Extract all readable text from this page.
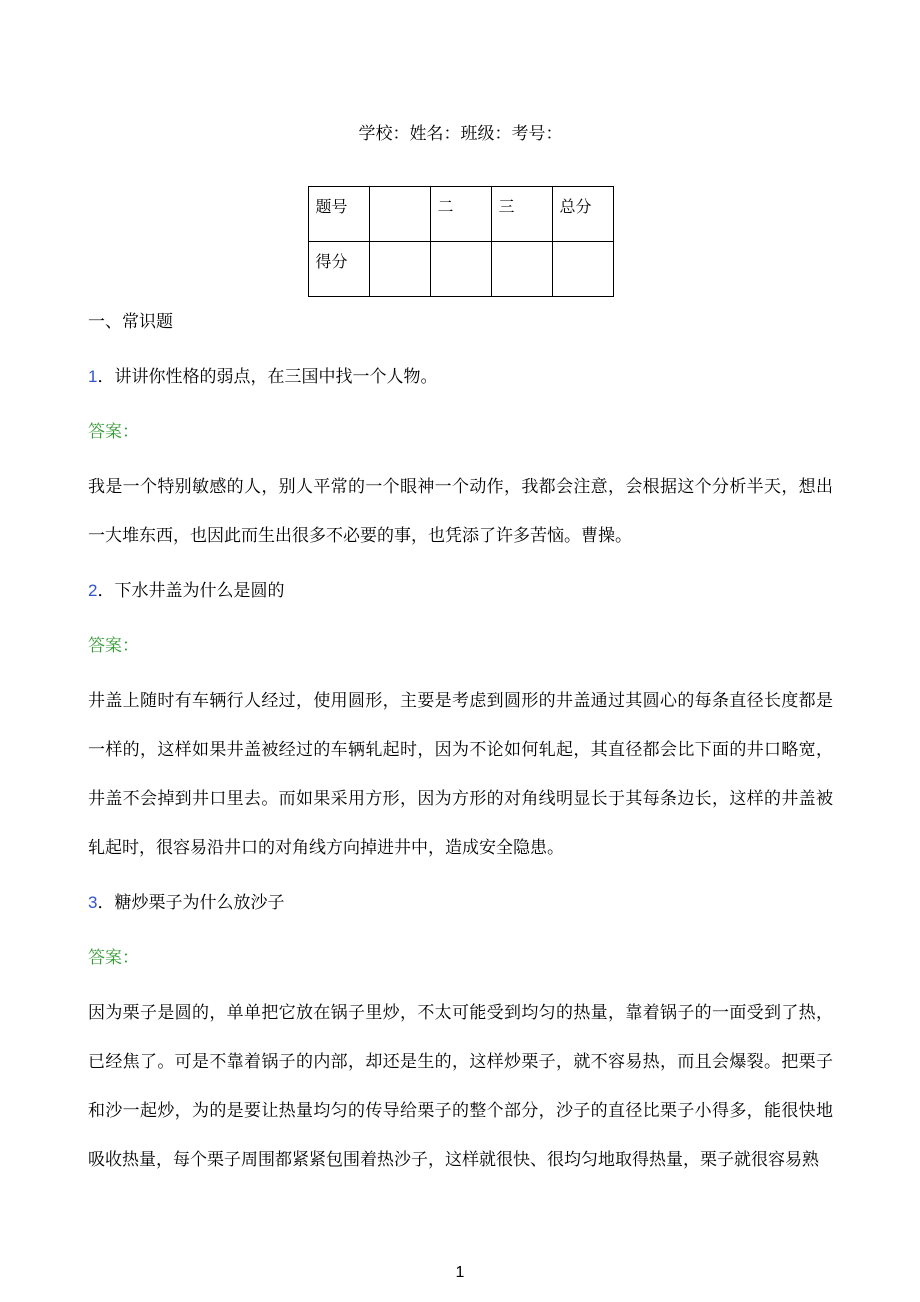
学校：姓名：班级：考号：

题号		二	三	总分
得分				

一、常识题

1．讲讲你性格的弱点，在三国中找一个人物。

答案：

我是一个特别敏感的人，别人平常的一个眼神一个动作，我都会注意，会根据这个分析半天，想出一大堆东西，也因此而生出很多不必要的事，也凭添了许多苦恼。曹操。

2．下水井盖为什么是圆的

答案：

井盖上随时有车辆行人经过，使用圆形，主要是考虑到圆形的井盖通过其圆心的每条直径长度都是一样的，这样如果井盖被经过的车辆轧起时，因为不论如何轧起，其直径都会比下面的井口略宽，井盖不会掉到井口里去。而如果采用方形，因为方形的对角线明显长于其每条边长，这样的井盖被轧起时，很容易沿井口的对角线方向掉进井中，造成安全隐患。

3．糖炒栗子为什么放沙子

答案：

因为栗子是圆的，单单把它放在锅子里炒，不太可能受到均匀的热量，靠着锅子的一面受到了热，已经焦了。可是不靠着锅子的内部，却还是生的，这样炒栗子，就不容易热，而且会爆裂。把栗子和沙一起炒，为的是要让热量均匀的传导给栗子的整个部分，沙子的直径比栗子小得多，能很快地吸收热量，每个栗子周围都紧紧包围着热沙子，这样就很快、很均匀地取得热量，栗子就很容易熟

1
